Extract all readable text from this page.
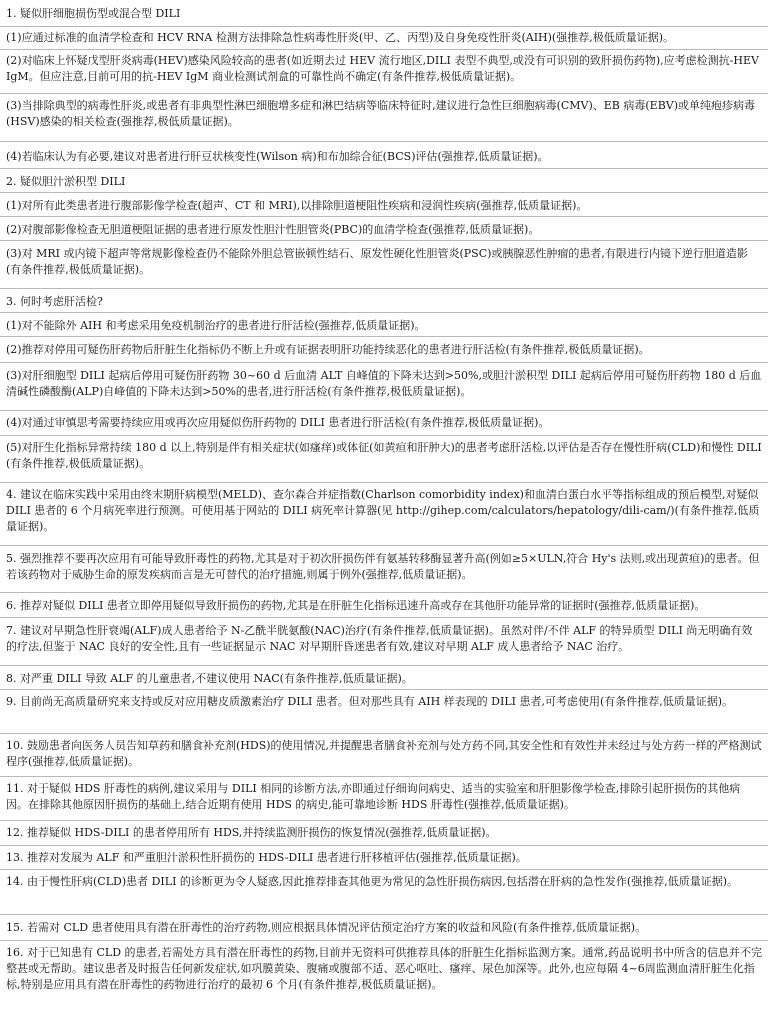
1. 疑似肝细胞损伤型或混合型 DILI
(1)应通过标准的血清学检查和 HCV RNA 检测方法排除急性病毒性肝炎(甲、乙、丙型)及自身免疫性肝炎(AIH)(强推荐,极低质量证据)。
(2)对临床上怀疑戊型肝炎病毒(HEV)感染风险较高的患者(如近期去过 HEV 流行地区,DILI 表型不典型,或没有可识别的致肝损伤药物),应考虑检测抗-HEV IgM。但应注意,目前可用的抗-HEV IgM 商业检测试剂盒的可靠性尚不确定(有条件推荐,极低质量证据)。
(3)当排除典型的病毒性肝炎,或患者有非典型性淋巴细胞增多症和淋巴结病等临床特征时,建议进行急性巨细胞病毒(CMV)、EB 病毒(EBV)或单纯疱疹病毒(HSV)感染的相关检查(强推荐,极低质量证据)。
(4)若临床认为有必要,建议对患者进行肝豆状核变性(Wilson 病)和布加综合征(BCS)评估(强推荐,低质量证据)。
2. 疑似胆汁淤积型 DILI
(1)对所有此类患者进行腹部影像学检查(超声、CT 和 MRI),以排除胆道梗阻性疾病和浸润性疾病(强推荐,低质量证据)。
(2)对腹部影像检查无胆道梗阻证据的患者进行原发性胆汁性胆管炎(PBC)的血清学检查(强推荐,低质量证据)。
(3)对 MRI 或内镜下超声等常规影像检查仍不能除外胆总管嵌顿性结石、原发性硬化性胆管炎(PSC)或胰腺恶性肿瘤的患者,有限进行内镜下逆行胆道造影(有条件推荐,极低质量证据)。
3. 何时考虑肝活检?
(1)对不能除外 AIH 和考虑采用免疫机制治疗的患者进行肝活检(强推荐,低质量证据)。
(2)推荐对停用可疑伤肝药物后肝脏生化指标仍不断上升或有证据表明肝功能持续恶化的患者进行肝活检(有条件推荐,极低质量证据)。
(3)对肝细胞型 DILI 起病后停用可疑伤肝药物 30~60 d 后血清 ALT 自峰值的下降未达到>50%,或胆汁淤积型 DILI 起病后停用可疑伤肝药物 180 d 后血清碱性磷酸酶(ALP)自峰值的下降未达到>50%的患者,进行肝活检(有条件推荐,极低质量证据)。
(4)对通过审慎思考需要持续应用或再次应用疑似伤肝药物的 DILI 患者进行肝活检(有条件推荐,极低质量证据)。
(5)对肝生化指标异常持续 180 d 以上,特别是伴有相关症状(如瘙痒)或体征(如黄疸和肝肿大)的患者考虑肝活检,以评估是否存在慢性肝病(CLD)和慢性 DILI(有条件推荐,极低质量证据)。
4. 建议在临床实践中采用由终末期肝病模型(MELD)、查尔森合并症指数(Charlson comorbidity index)和血清白蛋白水平等指标组成的预后模型,对疑似 DILI 患者的 6 个月病死率进行预测。可使用基于网站的 DILI 病死率计算器(见 http://gihep.com/calculators/hepatology/dili-cam/)(有条件推荐,低质量证据)。
5. 强烈推荐不要再次应用有可能导致肝毒性的药物,尤其是对于初次肝损伤伴有氨基转移酶显著升高(例如≥5×ULN,符合 Hy's 法则,或出现黄疸)的患者。但若该药物对于威胁生命的原发疾病而言是无可替代的治疗措施,则属于例外(强推荐,低质量证据)。
6. 推荐对疑似 DILI 患者立即停用疑似导致肝损伤的药物,尤其是在肝脏生化指标迅速升高或存在其他肝功能异常的证据时(强推荐,低质量证据)。
7. 建议对早期急性肝衰竭(ALF)成人患者给予 N-乙酰半胱氨酸(NAC)治疗(有条件推荐,低质量证据)。虽然对伴/不伴 ALF 的特异质型 DILI 尚无明确有效的疗法,但鉴于 NAC 良好的安全性,且有一些证据显示 NAC 对早期肝昏迷患者有效,建议对早期 ALF 成人患者给予 NAC 治疗。
8. 对严重 DILI 导致 ALF 的儿童患者,不建议使用 NAC(有条件推荐,低质量证据)。
9. 目前尚无高质量研究来支持或反对应用糖皮质激素治疗 DILI 患者。但对那些具有 AIH 样表现的 DILI 患者,可考虑使用(有条件推荐,低质量证据)。
10. 鼓励患者向医务人员告知草药和膳食补充剂(HDS)的使用情况,并提醒患者膳食补充剂与处方药不同,其安全性和有效性并未经过与处方药一样的严格测试程序(强推荐,低质量证据)。
11. 对于疑似 HDS 肝毒性的病例,建议采用与 DILI 相同的诊断方法,亦即通过仔细询问病史、适当的实验室和肝胆影像学检查,排除引起肝损伤的其他病因。在排除其他原因肝损伤的基础上,结合近期有使用 HDS 的病史,能可靠地诊断 HDS 肝毒性(强推荐,低质量证据)。
12. 推荐疑似 HDS-DILI 的患者停用所有 HDS,并持续监测肝损伤的恢复情况(强推荐,低质量证据)。
13. 推荐对发展为 ALF 和严重胆汁淤积性肝损伤的 HDS-DILI 患者进行肝移植评估(强推荐,低质量证据)。
14. 由于慢性肝病(CLD)患者 DILI 的诊断更为令人疑惑,因此推荐排查其他更为常见的急性肝损伤病因,包括潜在肝病的急性发作(强推荐,低质量证据)。
15. 若需对 CLD 患者使用具有潜在肝毒性的治疗药物,则应根据具体情况评估预定治疗方案的收益和风险(有条件推荐,低质量证据)。
16. 对于已知患有 CLD 的患者,若需处方具有潜在肝毒性的药物,目前并无资料可供推荐具体的肝脏生化指标监测方案。通常,药品说明书中所含的信息并不完整甚或无帮助。建议患者及时报告任何新发症状,如巩膜黄染、腹痛或腹部不适、恶心呕吐、瘙痒、尿色加深等。此外,也应每隔 4~6周监测血清肝脏生化指标,特别是应用具有潜在肝毒性的药物进行治疗的最初 6 个月(有条件推荐,极低质量证据)。
